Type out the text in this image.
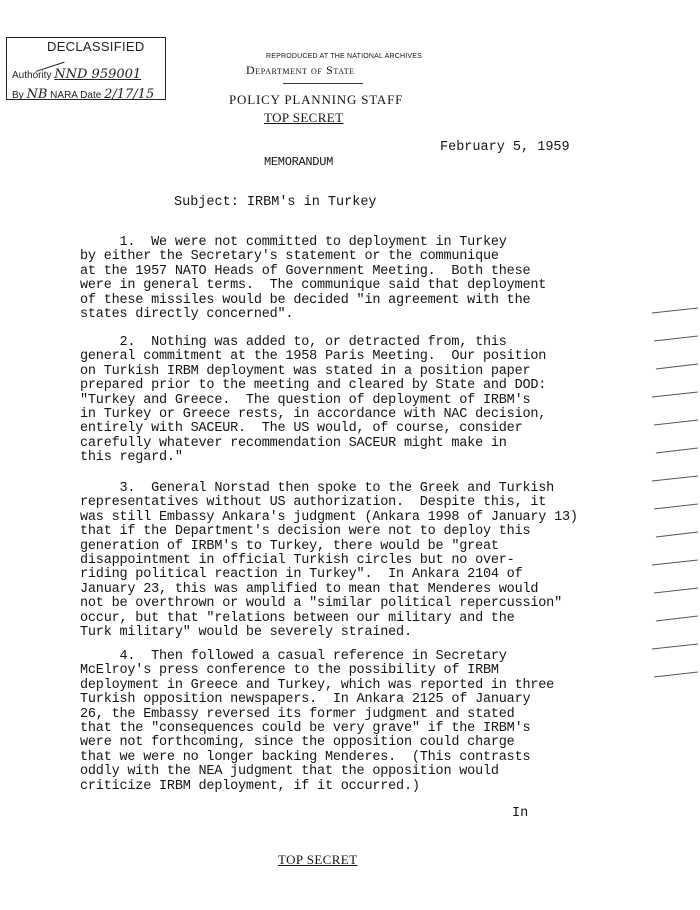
DECLASSIFIED
Authority NND 959001
By NB NARA Date 2/17/15
REPRODUCED AT THE NATIONAL ARCHIVES
Department of State
POLICY PLANNING STAFF
TOP SECRET
February 5, 1959
MEMORANDUM
Subject: IRBM's in Turkey

1.  We were not committed to deployment in Turkey
by either the Secretary's statement or the communique
at the 1957 NATO Heads of Government Meeting.  Both these
were in general terms.  The communique said that deployment
of these missiles would be decided "in agreement with the
states directly concerned".

2.  Nothing was added to, or detracted from, this
general commitment at the 1958 Paris Meeting.  Our position
on Turkish IRBM deployment was stated in a position paper
prepared prior to the meeting and cleared by State and DOD:
"Turkey and Greece.  The question of deployment of IRBM's
in Turkey or Greece rests, in accordance with NAC decision,
entirely with SACEUR.  The US would, of course, consider
carefully whatever recommendation SACEUR might make in
this regard."

3.  General Norstad then spoke to the Greek and Turkish
representatives without US authorization.  Despite this, it
was still Embassy Ankara's judgment (Ankara 1998 of January 13)
that if the Department's decision were not to deploy this
generation of IRBM's to Turkey, there would be "great
disappointment in official Turkish circles but no over-
riding political reaction in Turkey".  In Ankara 2104 of
January 23, this was amplified to mean that Menderes would
not be overthrown or would a "similar political repercussion"
occur, but that "relations between our military and the
Turk military" would be severely strained.

4.  Then followed a casual reference in Secretary
McElroy's press conference to the possibility of IRBM
deployment in Greece and Turkey, which was reported in three
Turkish opposition newspapers.  In Ankara 2125 of January
26, the Embassy reversed its former judgment and stated
that the "consequences could be very grave" if the IRBM's
were not forthcoming, since the opposition could charge
that we were no longer backing Menderes.  (This contrasts
oddly with the NEA judgment that the opposition would
criticize IRBM deployment, if it occurred.)

In
TOP SECRET
